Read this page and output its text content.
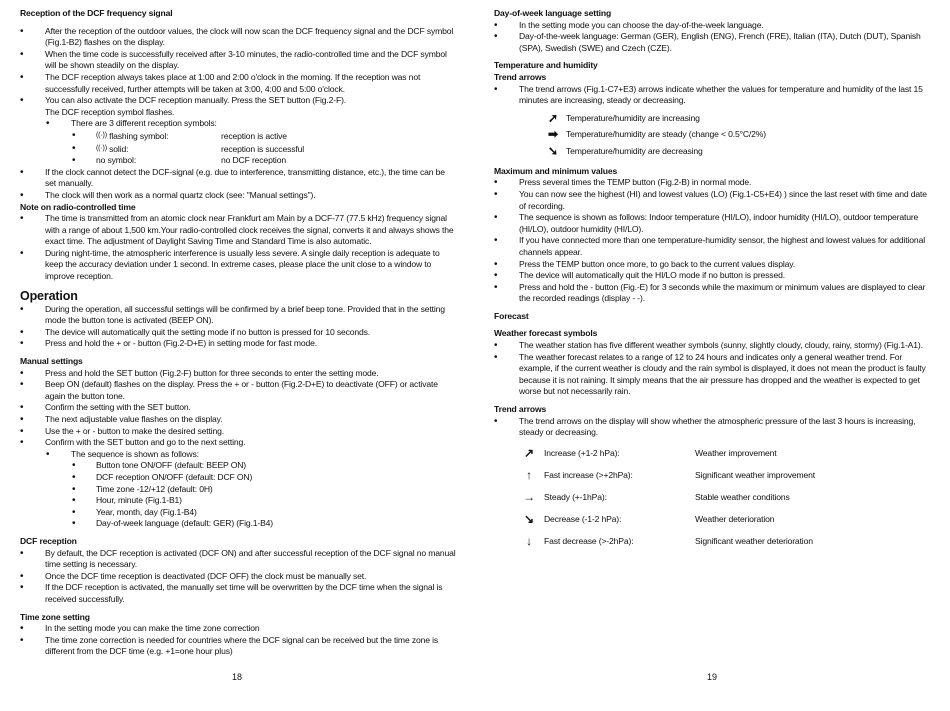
Reception of the DCF frequency signal

• After the reception of the outdoor values, the clock will now scan the DCF frequency signal and the DCF symbol (Fig.1-B2) flashes on the display.

• When the time code is successfully received after 3-10 minutes, the radio-controlled time and the DCF symbol will be shown steadily on the display.

• The DCF reception always takes place at 1:00 and 2:00 o'clock in the morning. If the reception was not successfully received, further attempts will be taken at 3:00, 4:00 and 5:00 o'clock.

• You can also activate the DCF reception manually. Press the SET button (Fig.2-F).

The DCF reception symbol flashes.

• There are 3 different reception symbols:

• ((·)) flashing symbol:	reception is active

• ((·)) solid:	reception is successful

• no symbol:	no DCF reception

• If the clock cannot detect the DCF-signal (e.g. due to interference, transmitting distance, etc.), the time can be set manually.

• The clock will then work as a normal quartz clock (see: "Manual settings").

Note on radio-controlled time

• The time is transmitted from an atomic clock near Frankfurt am Main by a DCF-77 (77.5 kHz) frequency signal with a range of about 1,500 km.Your radio-controlled clock receives the signal, converts it and always shows the exact time. The adjustment of Daylight Saving Time and Standard Time is also automatic.

• During night-time, the atmospheric interference is usually less severe. A single daily reception is adequate to keep the accuracy deviation under 1 second. In extreme cases, please place the unit close to a window to improve reception.

Operation

• During the operation, all successful settings will be confirmed by a brief beep tone. Provided that in the setting mode the button tone is activated (BEEP ON).

• The device will automatically quit the setting mode if no button is pressed for 10 seconds.

• Press and hold the + or - button (Fig.2-D+E) in setting mode for fast mode.

Manual settings

• Press and hold the SET button (Fig.2-F) button for three seconds to enter the setting mode.

• Beep ON (default) flashes on the display. Press the + or - button (Fig.2-D+E) to deactivate (OFF) or activate again the button tone.

• Confirm the setting with the SET button.

• The next adjustable value flashes on the display.

• Use the + or - button to make the desired setting.

• Confirm with the SET button and go to the next setting.

• The sequence is shown as follows:

• Button tone ON/OFF (default: BEEP ON)

• DCF reception ON/OFF (default: DCF ON)

• Time zone -12/+12 (default: 0H)

• Hour, minute (Fig.1-B1)

• Year, month, day (Fig.1-B4)

• Day-of-week language (default: GER) (Fig.1-B4)

DCF reception

• By default, the DCF reception is activated (DCF ON) and after successful reception of the DCF signal no manual time setting is necessary.

• Once the DCF time reception is deactivated (DCF OFF) the clock must be manually set.

• If the DCF reception is activated, the manually set time will be overwritten by the DCF time when the signal is received successfully.

Time zone setting

• In the setting mode you can make the time zone correction

• The time zone correction is needed for countries where the DCF signal can be received but the time zone is different from the DCF time (e.g. +1=one hour plus)

18

Day-of-week language setting

• In the setting mode you can choose the day-of-the-week language.

• Day-of-the-week language: German (GER), English (ENG), French (FRE), Italian (ITA), Dutch (DUT), Spanish (SPA), Swedish (SWE) and Czech (CZE).

Temperature and humidity

Trend arrows

• The trend arrows (Fig.1-C7+E3) arrows indicate whether the values for temperature and humidity of the last 15 minutes are increasing, steady or decreasing.

➚ Temperature/humidity are increasing
➡ Temperature/humidity are steady (change < 0.5°C/2%)
➘ Temperature/humidity are decreasing

Maximum and minimum values

• Press several times the TEMP button (Fig.2-B) in normal mode.

• You can now see the highest (HI) and lowest values (LO) (Fig.1-C5+E4) ) since the last reset with time and date of recording.

• The sequence is shown as follows: Indoor temperature (HI/LO), indoor humidity (HI/LO), outdoor temperature (HI/LO), outdoor humidity (HI/LO).

• If you have connected more than one temperature-humidity sensor, the highest and lowest values for additional channels appear.

• Press the TEMP button once more, to go back to the current values display.

• The device will automatically quit the HI/LO mode if no button is pressed.

• Press and hold the - button (Fig.-E) for 3 seconds while the maximum or minimum values are displayed to clear the recorded readings (display - -).

Forecast

Weather forecast symbols

• The weather station has five different weather symbols (sunny, slightly cloudy, cloudy, rainy, stormy) (Fig.1-A1).

• The weather forecast relates to a range of 12 to 24 hours and indicates only a general weather trend. For example, if the current weather is cloudy and the rain symbol is displayed, it does not mean the product is faulty because it is not raining. It simply means that the air pressure has dropped and the weather is expected to get worse but not necessarily rain.

Trend arrows

• The trend arrows on the display will show whether the atmospheric pressure of the last 3 hours is increasing, steady or decreasing.

↗	Increase (+1-2 hPa):	Weather improvement
↑	Fast increase (>+2hPa):	Significant weather improvement
→	Steady (+-1hPa):	Stable weather conditions
↘	Decrease (-1-2 hPa):	Weather deterioration
↓	Fast decrease (>-2hPa):	Significant weather deterioration
19
